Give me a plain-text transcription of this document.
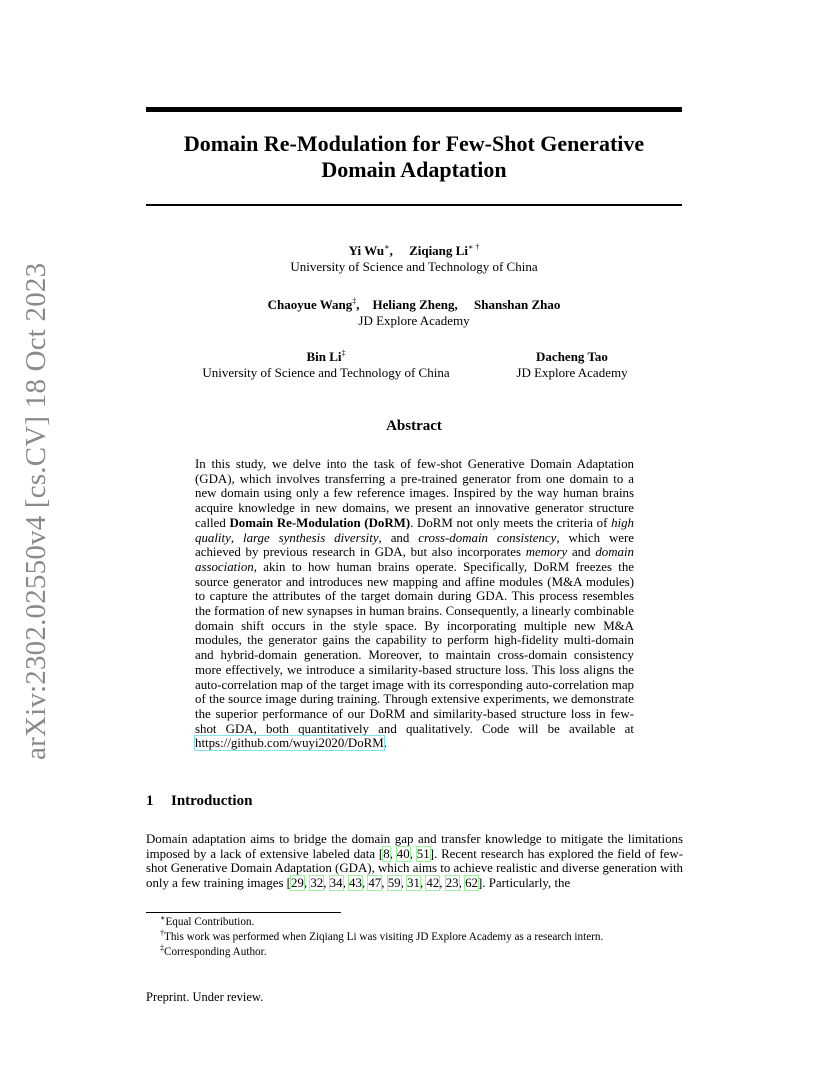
arXiv:2302.02550v4 [cs.CV] 18 Oct 2023
Domain Re-Modulation for Few-Shot Generative
Domain Adaptation
Yi Wu∗, Ziqiang Li∗ †
University of Science and Technology of China
Chaoyue Wang‡, Heliang Zheng, Shanshan Zhao
JD Explore Academy
Bin Li‡
University of Science and Technology of China
Dacheng Tao
JD Explore Academy
Abstract
In this study, we delve into the task of few-shot Generative Domain Adaptation (GDA), which involves transferring a pre-trained generator from one domain to a new domain using only a few reference images. Inspired by the way human brains acquire knowledge in new domains, we present an innovative generator structure called Domain Re-Modulation (DoRM). DoRM not only meets the criteria of high quality, large synthesis diversity, and cross-domain consistency, which were achieved by previous research in GDA, but also incorporates memory and domain association, akin to how human brains operate. Specifically, DoRM freezes the source generator and introduces new mapping and affine modules (M&A modules) to capture the attributes of the target domain during GDA. This process resembles the formation of new synapses in human brains. Consequently, a linearly combinable domain shift occurs in the style space. By incorporating multiple new M&A modules, the generator gains the capability to perform high-fidelity multi-domain and hybrid-domain generation. Moreover, to maintain cross-domain consistency more effectively, we introduce a similarity-based structure loss. This loss aligns the auto-correlation map of the target image with its corresponding auto-correlation map of the source image during training. Through extensive experiments, we demonstrate the superior performance of our DoRM and similarity-based structure loss in few-shot GDA, both quantitatively and qualitatively. Code will be available at https://github.com/wuyi2020/DoRM.
1 Introduction
Domain adaptation aims to bridge the domain gap and transfer knowledge to mitigate the limitations imposed by a lack of extensive labeled data [8, 40, 51]. Recent research has explored the field of few-shot Generative Domain Adaptation (GDA), which aims to achieve realistic and diverse generation with only a few training images [29, 32, 34, 43, 47, 59, 31, 42, 23, 62]. Particularly, the
∗Equal Contribution.
†This work was performed when Ziqiang Li was visiting JD Explore Academy as a research intern.
‡Corresponding Author.
Preprint. Under review.
